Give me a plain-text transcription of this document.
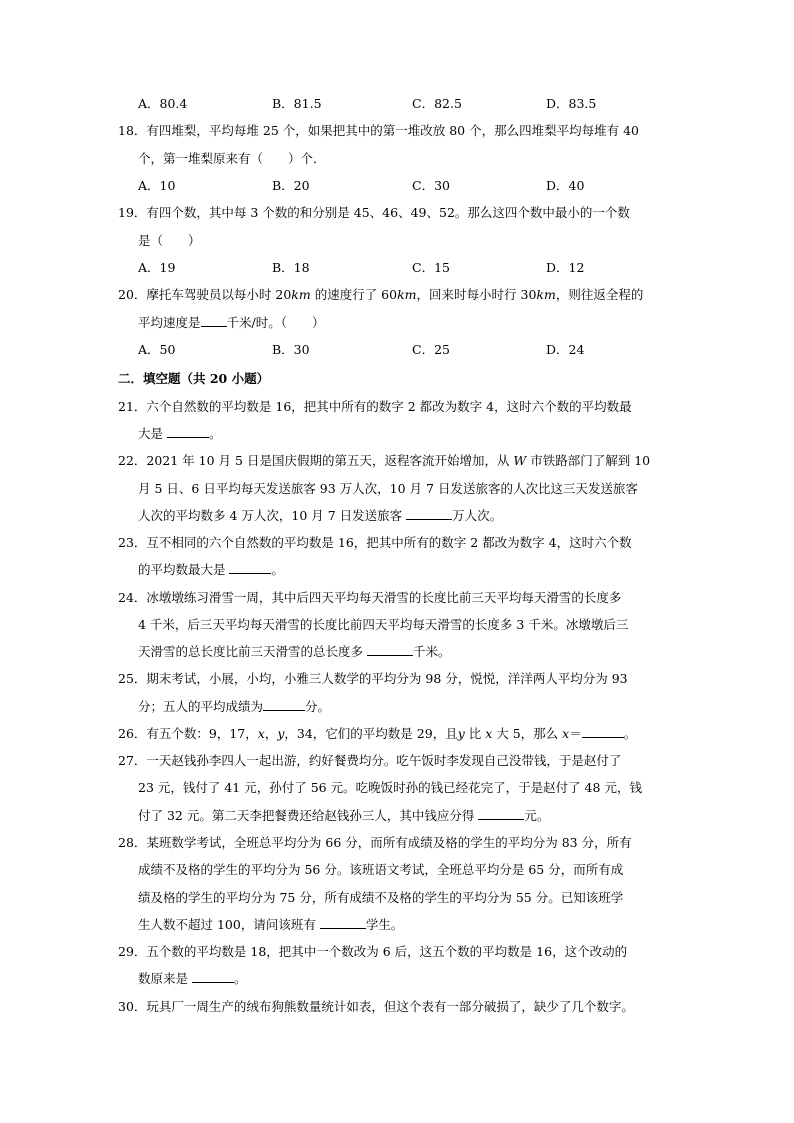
A．80.4	B．81.5	C．82.5	D．83.5
18．有四堆梨，平均每堆 25 个，如果把其中的第一堆改放 80 个，那么四堆梨平均每堆有 40
个，第一堆梨原来有（　　）个．
A．10	B．20	C．30	D．40
19．有四个数，其中每 3 个数的和分别是 45、46、49、52。那么这四个数中最小的一个数
是（　　）
A．19	B．18	C．15	D．12
20．摩托车驾驶员以每小时 20km 的速度行了 60km，回来时每小时行 30km，则往返全程的
平均速度是 千米/时。（　　）
A．50	B．30	C．25	D．24
二．填空题（共 20 小题）
21．六个自然数的平均数是 16，把其中所有的数字 2 都改为数字 4，这时六个数的平均数最
大是	。
22．2021 年 10 月 5 日是国庆假期的第五天，返程客流开始增加，从 W 市铁路部门了解到 10
月 5 日、6 日平均每天发送旅客 93 万人次，10 月 7 日发送旅客的人次比这三天发送旅客
人次的平均数多 4 万人次，10 月 7 日发送旅客	万人次。
23．互不相同的六个自然数的平均数是 16，把其中所有的数字 2 都改为数字 4，这时六个数
的平均数最大是	。
24．冰墩墩练习滑雪一周，其中后四天平均每天滑雪的长度比前三天平均每天滑雪的长度多
4 千米，后三天平均每天滑雪的长度比前四天平均每天滑雪的长度多 3 千米。冰墩墩后三
天滑雪的总长度比前三天滑雪的总长度多	千米。
25．期末考试，小展，小均，小雅三人数学的平均分为 98 分，悦悦，洋洋两人平均分为 93
分；五人的平均成绩为	分。
26．有五个数：9，17，x，y，34，它们的平均数是 29，且y 比 x 大 5，那么 x＝	。
27．一天赵钱孙李四人一起出游，约好餐费均分。吃午饭时李发现自己没带钱，于是赵付了
23 元，钱付了 41 元，孙付了 56 元。吃晚饭时孙的钱已经花完了，于是赵付了 48 元，钱
付了 32 元。第二天李把餐费还给赵钱孙三人，其中钱应分得	元。
28．某班数学考试，全班总平均分为 66 分，而所有成绩及格的学生的平均分为 83 分，所有
成绩不及格的学生的平均分为 56 分。该班语文考试，全班总平均分是 65 分，而所有成
绩及格的学生的平均分为 75 分，所有成绩不及格的学生的平均分为 55 分。已知该班学
生人数不超过 100，请问该班有	学生。
29．五个数的平均数是 18，把其中一个数改为 6 后，这五个数的平均数是 16，这个改动的
数原来是	。
30．玩具厂一周生产的绒布狗熊数量统计如表，但这个表有一部分破损了，缺少了几个数字。
